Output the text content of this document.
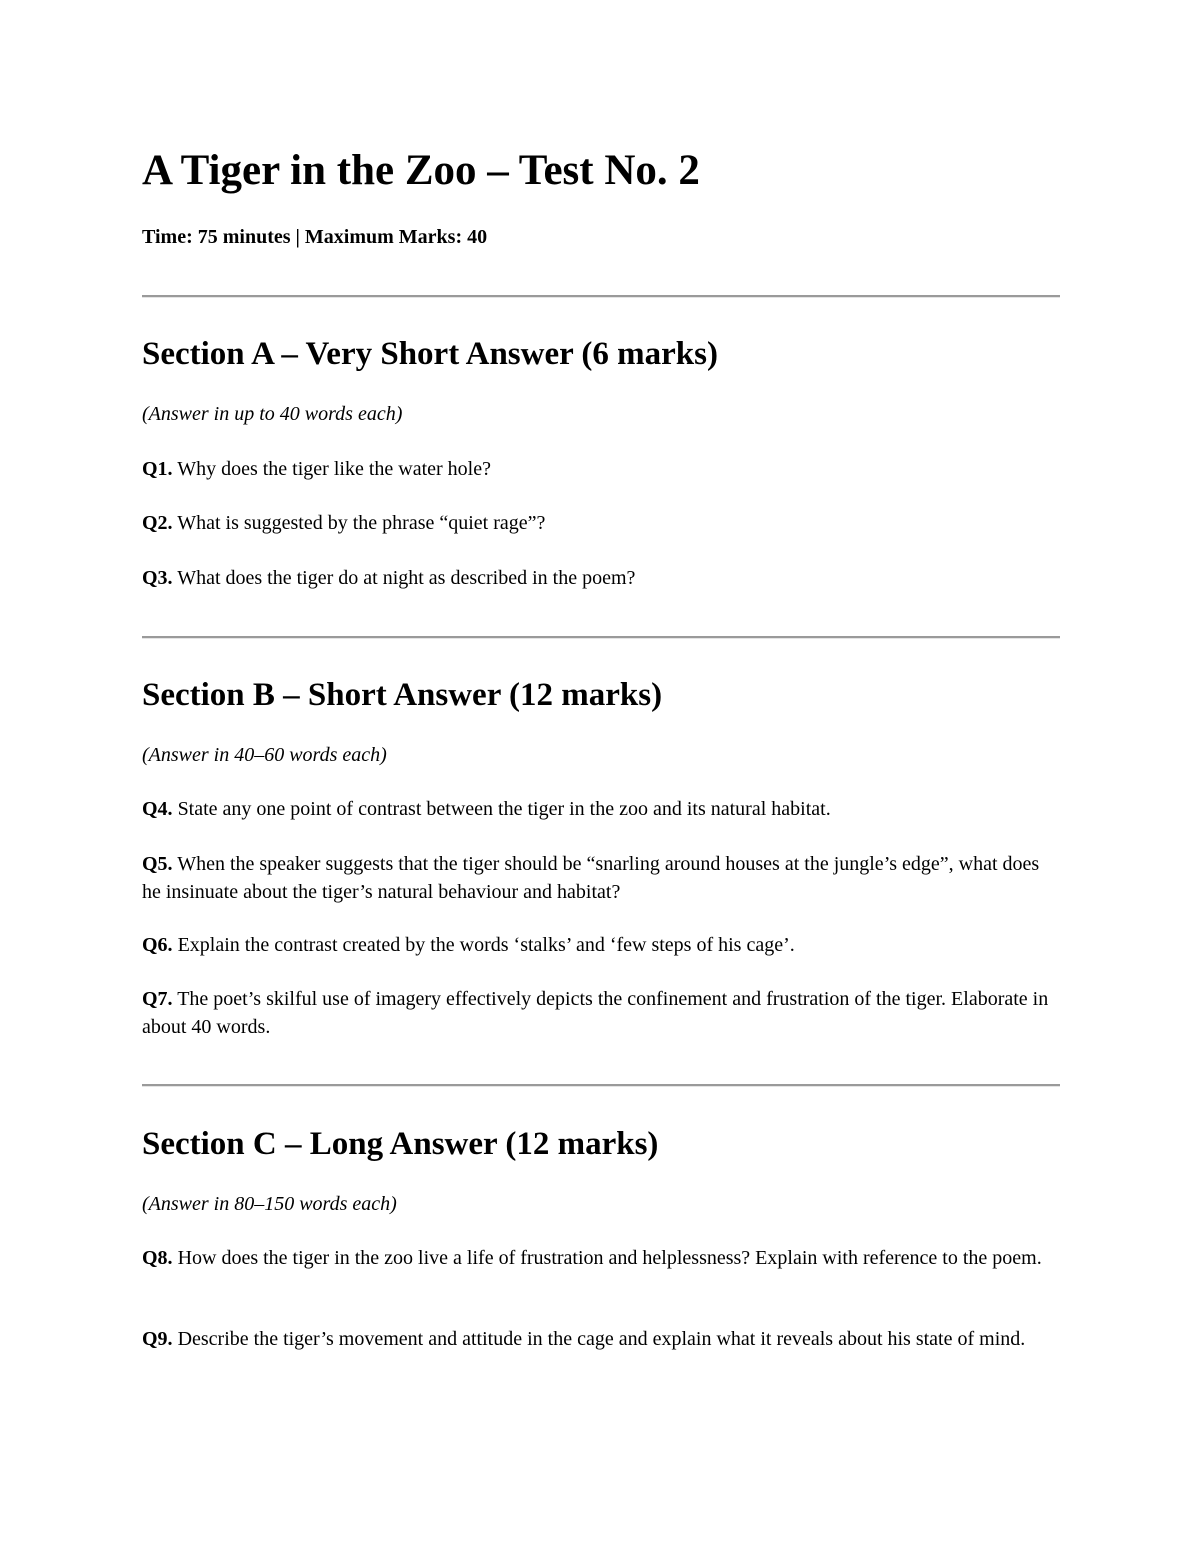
A Tiger in the Zoo – Test No. 2

Time: 75 minutes | Maximum Marks: 40

Section A – Very Short Answer (6 marks)

(Answer in up to 40 words each)

Q1. Why does the tiger like the water hole?

Q2. What is suggested by the phrase “quiet rage”?

Q3. What does the tiger do at night as described in the poem?

Section B – Short Answer (12 marks)

(Answer in 40–60 words each)

Q4. State any one point of contrast between the tiger in the zoo and its natural habitat.

Q5. When the speaker suggests that the tiger should be “snarling around houses at the jungle’s edge”, what does he insinuate about the tiger’s natural behaviour and habitat?

Q6. Explain the contrast created by the words ‘stalks’ and ‘few steps of his cage’.

Q7. The poet’s skilful use of imagery effectively depicts the confinement and frustration of the tiger. Elaborate in about 40 words.

Section C – Long Answer (12 marks)

(Answer in 80–150 words each)

Q8. How does the tiger in the zoo live a life of frustration and helplessness? Explain with reference to the poem.

Q9. Describe the tiger’s movement and attitude in the cage and explain what it reveals about his state of mind.
